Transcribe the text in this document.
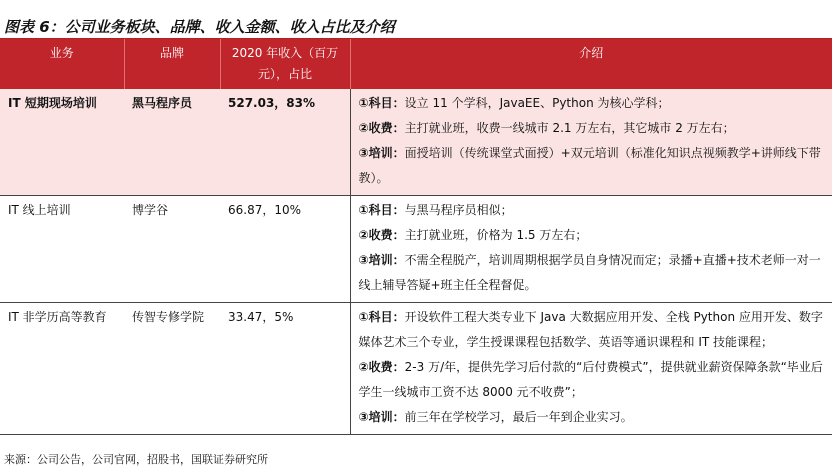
图表 6：公司业务板块、品牌、收入金额、收入占比及介绍
业务	品牌	2020 年收入（百万元），占比	介绍
IT 短期现场培训	黑马程序员	527.03，83%	①科目：设立 11 个学科，JavaEE、Python 为核心学科；
②收费：主打就业班，收费一线城市 2.1 万左右，其它城市 2 万左右；
③培训：面授培训（传统课堂式面授）+双元培训（标准化知识点视频教学+讲师线下带教）。

IT 线上培训	博学谷	66.87，10%	①科目：与黑马程序员相似；
②收费：主打就业班，价格为 1.5 万左右；
③培训：不需全程脱产，培训周期根据学员自身情况而定；录播+直播+技术老师一对一线上辅导答疑+班主任全程督促。

IT 非学历高等教育	传智专修学院	33.47，5%	①科目：开设软件工程大类专业下 Java 大数据应用开发、全栈 Python 应用开发、数字媒体艺术三个专业，学生授课课程包括数学、英语等通识课程和 IT 技能课程；
②收费：2-3 万/年，提供先学习后付款的“后付费模式”，提供就业薪资保障条款“毕业后学生一线城市工资不达 8000 元不收费”；
③培训：前三年在学校学习，最后一年到企业实习。
来源：公司公告，公司官网，招股书，国联证券研究所
